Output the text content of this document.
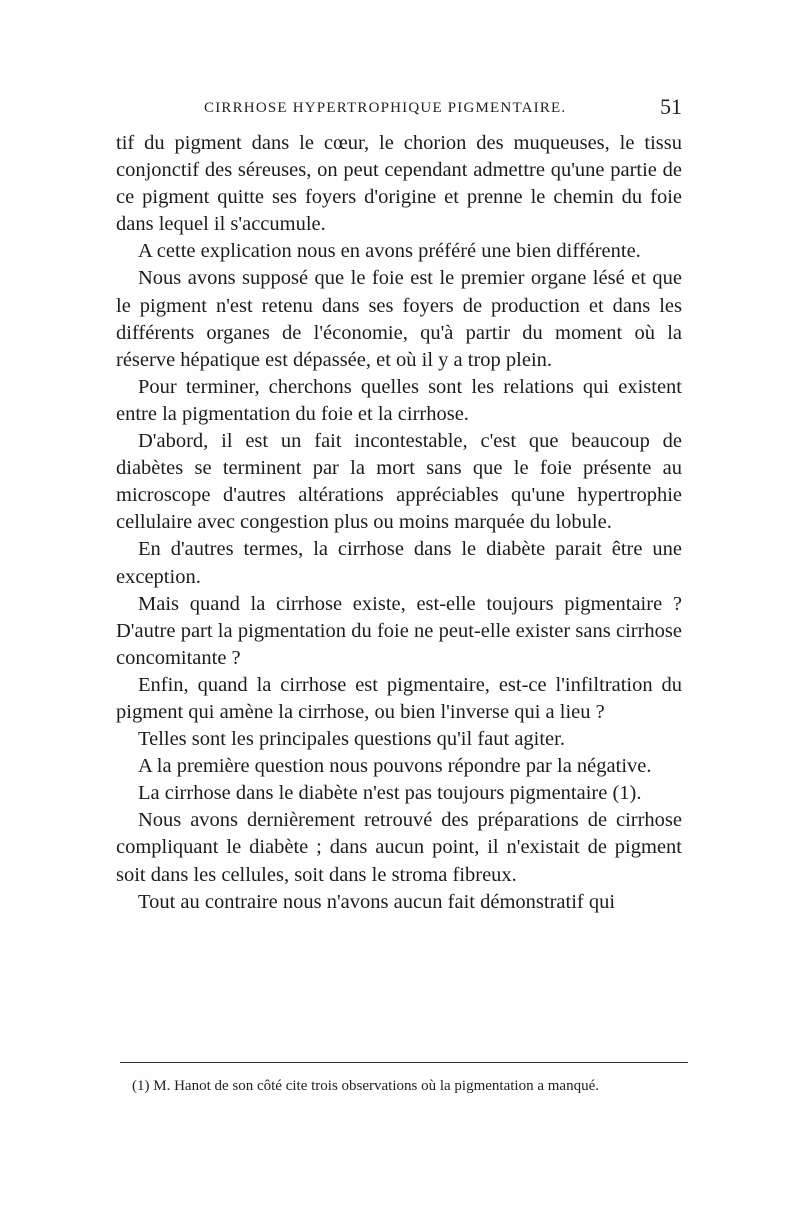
CIRRHOSE HYPERTROPHIQUE PIGMENTAIRE.	51

tif du pigment dans le cœur, le chorion des muqueuses, le tissu conjonctif des séreuses, on peut cependant admettre qu'une partie de ce pigment quitte ses foyers d'origine et prenne le chemin du foie dans lequel il s'accumule.

A cette explication nous en avons préféré une bien différente.

Nous avons supposé que le foie est le premier organe lésé et que le pigment n'est retenu dans ses foyers de production et dans les différents organes de l'économie, qu'à partir du moment où la réserve hépatique est dépassée, et où il y a trop plein.

Pour terminer, cherchons quelles sont les relations qui existent entre la pigmentation du foie et la cirrhose.

D'abord, il est un fait incontestable, c'est que beaucoup de diabètes se terminent par la mort sans que le foie présente au microscope d'autres altérations appréciables qu'une hypertrophie cellulaire avec congestion plus ou moins marquée du lobule.

En d'autres termes, la cirrhose dans le diabète parait être une exception.

Mais quand la cirrhose existe, est-elle toujours pigmentaire ? D'autre part la pigmentation du foie ne peut-elle exister sans cirrhose concomitante ?

Enfin, quand la cirrhose est pigmentaire, est-ce l'infiltration du pigment qui amène la cirrhose, ou bien l'inverse qui a lieu ?

Telles sont les principales questions qu'il faut agiter.

A la première question nous pouvons répondre par la négative.

La cirrhose dans le diabète n'est pas toujours pigmentaire (1).

Nous avons dernièrement retrouvé des préparations de cirrhose compliquant le diabète ; dans aucun point, il n'existait de pigment soit dans les cellules, soit dans le stroma fibreux.

Tout au contraire nous n'avons aucun fait démonstratif qui

(1) M. Hanot de son côté cite trois observations où la pigmentation a manqué.
